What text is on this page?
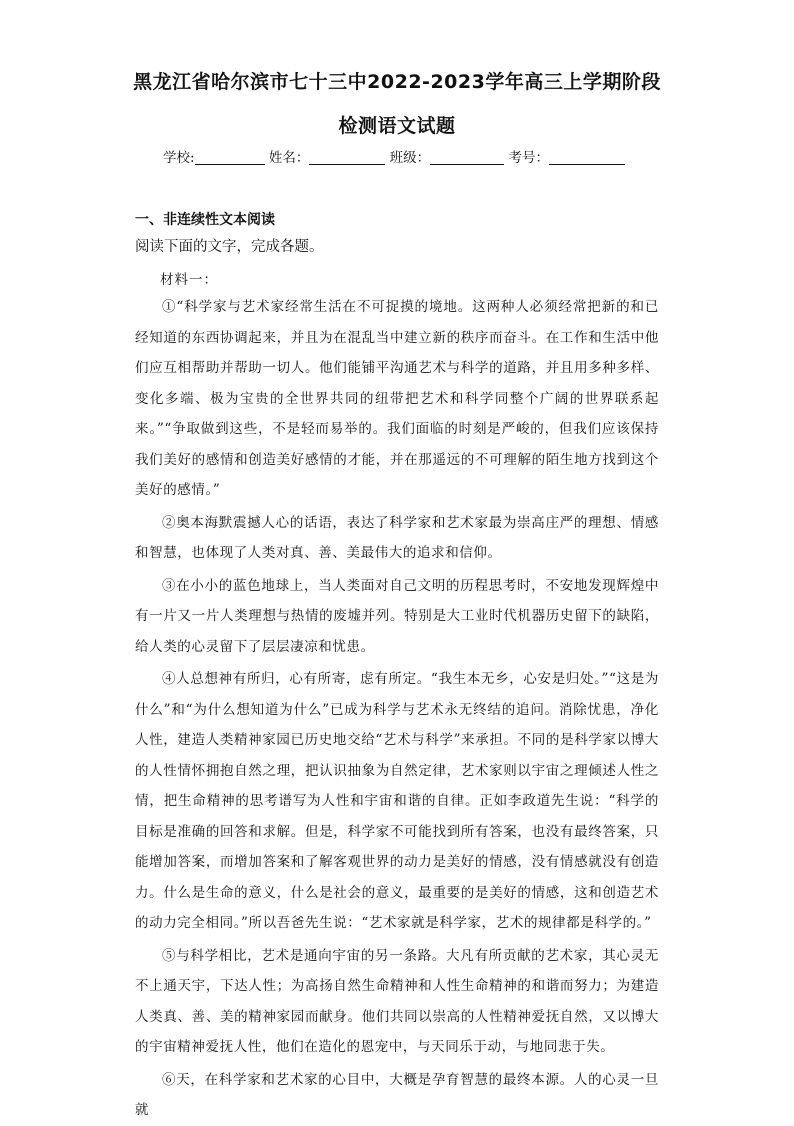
黑龙江省哈尔滨市七十三中2022-2023学年高三上学期阶段
检测语文试题
学校:	姓名：	班级：	考号：
一、非连续性文本阅读
阅读下面的文字，完成各题。
材料一：

①“科学家与艺术家经常生活在不可捉摸的境地。这两种人必须经常把新的和已经知道的东西协调起来，并且为在混乱当中建立新的秩序而奋斗。在工作和生活中他们应互相帮助并帮助一切人。他们能铺平沟通艺术与科学的道路，并且用多种多样、变化多端、极为宝贵的全世界共同的纽带把艺术和科学同整个广阔的世界联系起来。”“争取做到这些，不是轻而易举的。我们面临的时刻是严峻的，但我们应该保持我们美好的感情和创造美好感情的才能，并在那遥远的不可理解的陌生地方找到这个美好的感情。”

②奥本海默震撼人心的话语，表达了科学家和艺术家最为崇高庄严的理想、情感和智慧，也体现了人类对真、善、美最伟大的追求和信仰。

③在小小的蓝色地球上，当人类面对自己文明的历程思考时，不安地发现辉煌中有一片又一片人类理想与热情的废墟并列。特别是大工业时代机器历史留下的缺陷，给人类的心灵留下了层层凄凉和忧患。

④人总想神有所归，心有所寄，虑有所定。“我生本无乡，心安是归处。”“这是为什么”和“为什么想知道为什么”已成为科学与艺术永无终结的追问。消除忧患，净化人性，建造人类精神家园已历史地交给“艺术与科学”来承担。不同的是科学家以博大的人性情怀拥抱自然之理，把认识抽象为自然定律，艺术家则以宇宙之理倾述人性之情，把生命精神的思考谱写为人性和宇宙和谐的自律。正如李政道先生说：“科学的目标是准确的回答和求解。但是，科学家不可能找到所有答案，也没有最终答案，只能增加答案，而增加答案和了解客观世界的动力是美好的情感，没有情感就没有创造力。什么是生命的意义，什么是社会的意义，最重要的是美好的情感，这和创造艺术的动力完全相同。”所以吾爸先生说：“艺术家就是科学家，艺术的规律都是科学的。”

⑤与科学相比，艺术是通向宇宙的另一条路。大凡有所贡献的艺术家，其心灵无不上通天宇，下达人性；为高扬自然生命精神和人性生命精神的和谐而努力；为建造人类真、善、美的精神家园而献身。他们共同以崇高的人性精神爱抚自然，又以博大的宇宙精神爱抚人性，他们在造化的恩宠中，与天同乐于动，与地同悲于失。

⑥天，在科学家和艺术家的心目中，大概是孕育智慧的最终本源。人的心灵一旦就
